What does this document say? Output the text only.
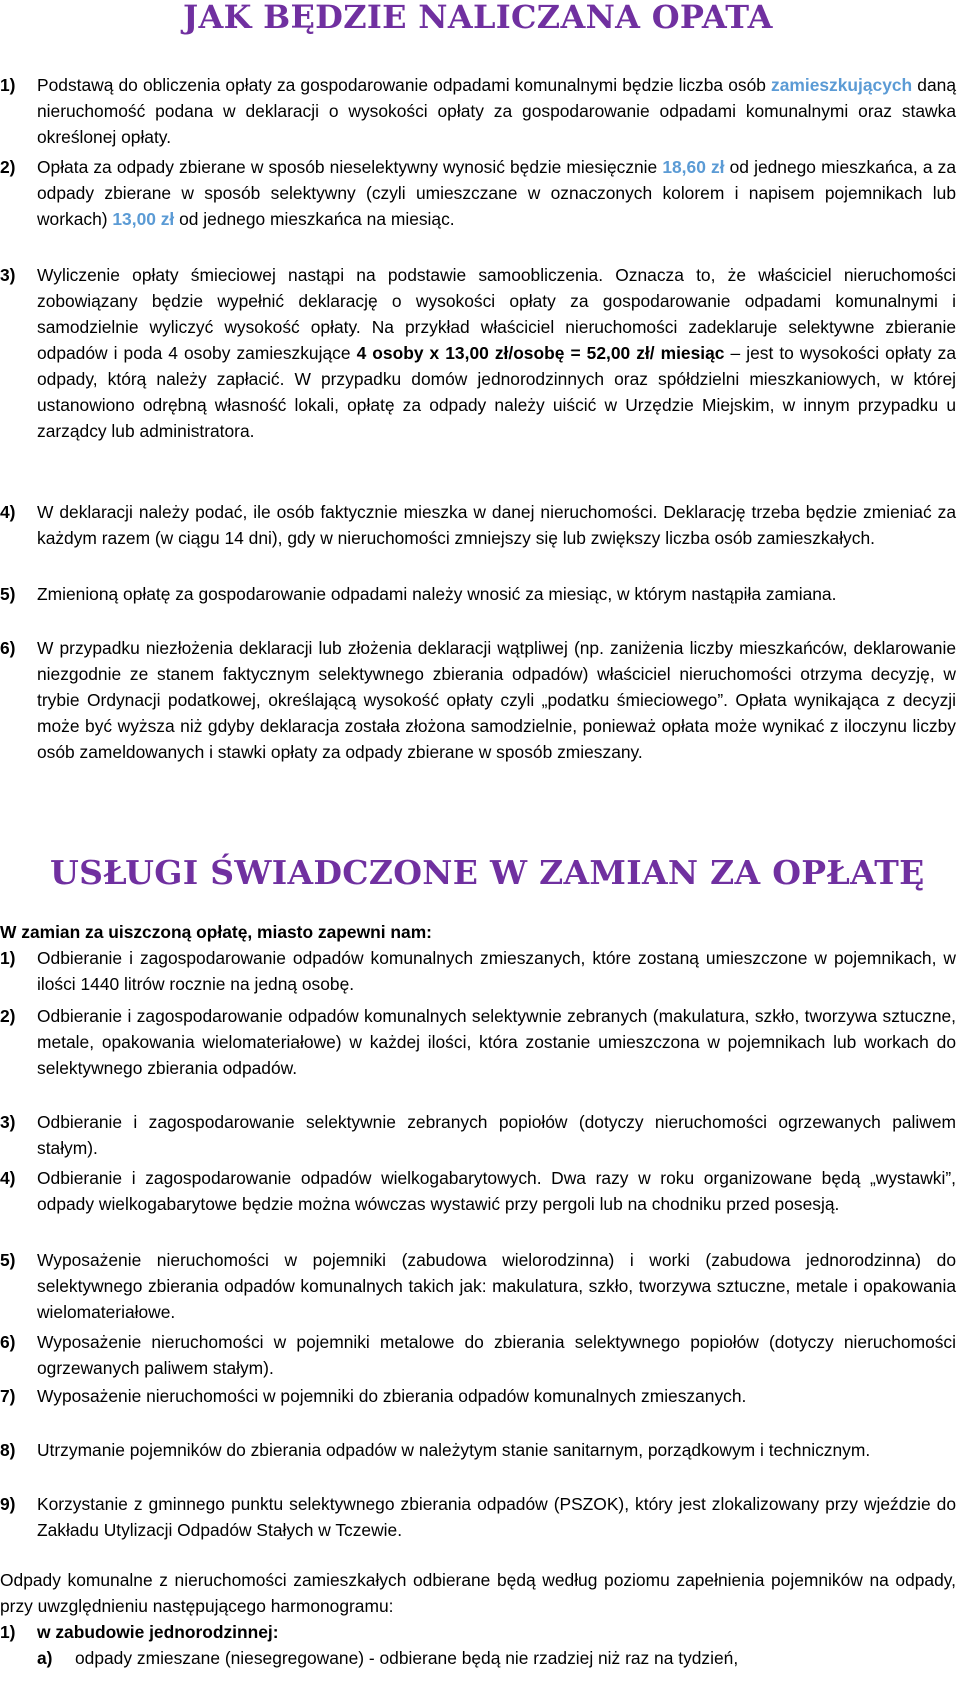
JAK BĘDZIE NALICZANA OPATA
1) Podstawą do obliczenia opłaty za gospodarowanie odpadami komunalnymi będzie liczba osób zamieszkujących daną nieruchomość podana w deklaracji o wysokości opłaty za gospodarowanie odpadami komunalnymi oraz stawka określonej opłaty.
2) Opłata za odpady zbierane w sposób nieselektywny wynosić będzie miesięcznie 18,60 zł od jednego mieszkańca, a za odpady zbierane w sposób selektywny (czyli umieszczane w oznaczonych kolorem i napisem pojemnikach lub workach) 13,00 zł od jednego mieszkańca na miesiąc.
3) Wyliczenie opłaty śmieciowej nastąpi na podstawie samoobliczenia. Oznacza to, że właściciel nieruchomości zobowiązany będzie wypełnić deklarację o wysokości opłaty za gospodarowanie odpadami komunalnymi i samodzielnie wyliczyć wysokość opłaty. Na przykład właściciel nieruchomości zadeklaruje selektywne zbieranie odpadów i poda 4 osoby zamieszkujące 4 osoby x 13,00 zł/osobę = 52,00 zł/ miesiąc – jest to wysokości opłaty za odpady, którą należy zapłacić. W przypadku domów jednorodzinnych oraz spółdzielni mieszkaniowych, w której ustanowiono odrębną własność lokali, opłatę za odpady należy uiścić w Urzędzie Miejskim, w innym przypadku u zarządcy lub administratora.
4) W deklaracji należy podać, ile osób faktycznie mieszka w danej nieruchomości. Deklarację trzeba będzie zmieniać za każdym razem (w ciągu 14 dni), gdy w nieruchomości zmniejszy się lub zwiększy liczba osób zamieszkałych.
5) Zmienioną opłatę za gospodarowanie odpadami należy wnosić za miesiąc, w którym nastąpiła zamiana.
6) W przypadku niezłożenia deklaracji lub złożenia deklaracji wątpliwej (np. zaniżenia liczby mieszkańców, deklarowanie niezgodnie ze stanem faktycznym selektywnego zbierania odpadów) właściciel nieruchomości otrzyma decyzję, w trybie Ordynacji podatkowej, określającą wysokość opłaty czyli „podatku śmieciowego”. Opłata wynikająca z decyzji może być wyższa niż gdyby deklaracja została złożona samodzielnie, ponieważ opłata może wynikać z iloczynu liczby osób zameldowanych i stawki opłaty za odpady zbierane w sposób zmieszany.
USŁUGI ŚWIADCZONE W ZAMIAN ZA OPŁATĘ
W zamian za uiszczoną opłatę, miasto zapewni nam:
1) Odbieranie i zagospodarowanie odpadów komunalnych zmieszanych, które zostaną umieszczone w pojemnikach, w ilości 1440 litrów rocznie na jedną osobę.
2) Odbieranie i zagospodarowanie odpadów komunalnych selektywnie zebranych (makulatura, szkło, tworzywa sztuczne, metale, opakowania wielomateriałowe) w każdej ilości, która zostanie umieszczona w pojemnikach lub workach do selektywnego zbierania odpadów.
3) Odbieranie i zagospodarowanie selektywnie zebranych popiołów (dotyczy nieruchomości ogrzewanych paliwem stałym).
4) Odbieranie i zagospodarowanie odpadów wielkogabarytowych. Dwa razy w roku organizowane będą „wystawki”, odpady wielkogabarytowe będzie można wówczas wystawić przy pergoli lub na chodniku przed posesją.
5) Wyposażenie nieruchomości w pojemniki (zabudowa wielorodzinna) i worki (zabudowa jednorodzinna) do selektywnego zbierania odpadów komunalnych takich jak: makulatura, szkło, tworzywa sztuczne, metale i opakowania wielomateriałowe.
6) Wyposażenie nieruchomości w pojemniki metalowe do zbierania selektywnego popiołów (dotyczy nieruchomości ogrzewanych paliwem stałym).
7) Wyposażenie nieruchomości w pojemniki do zbierania odpadów komunalnych zmieszanych.
8) Utrzymanie pojemników do zbierania odpadów w należytym stanie sanitarnym, porządkowym i technicznym.
9) Korzystanie z gminnego punktu selektywnego zbierania odpadów (PSZOK), który jest zlokalizowany przy wjeździe do Zakładu Utylizacji Odpadów Stałych w Tczewie.
Odpady komunalne z nieruchomości zamieszkałych odbierane będą według poziomu zapełnienia pojemników na odpady, przy uwzględnieniu następującego harmonogramu:
1) w zabudowie jednorodzinnej:
a) odpady zmieszane (niesegregowane) - odbierane będą nie rzadziej niż raz na tydzień,
